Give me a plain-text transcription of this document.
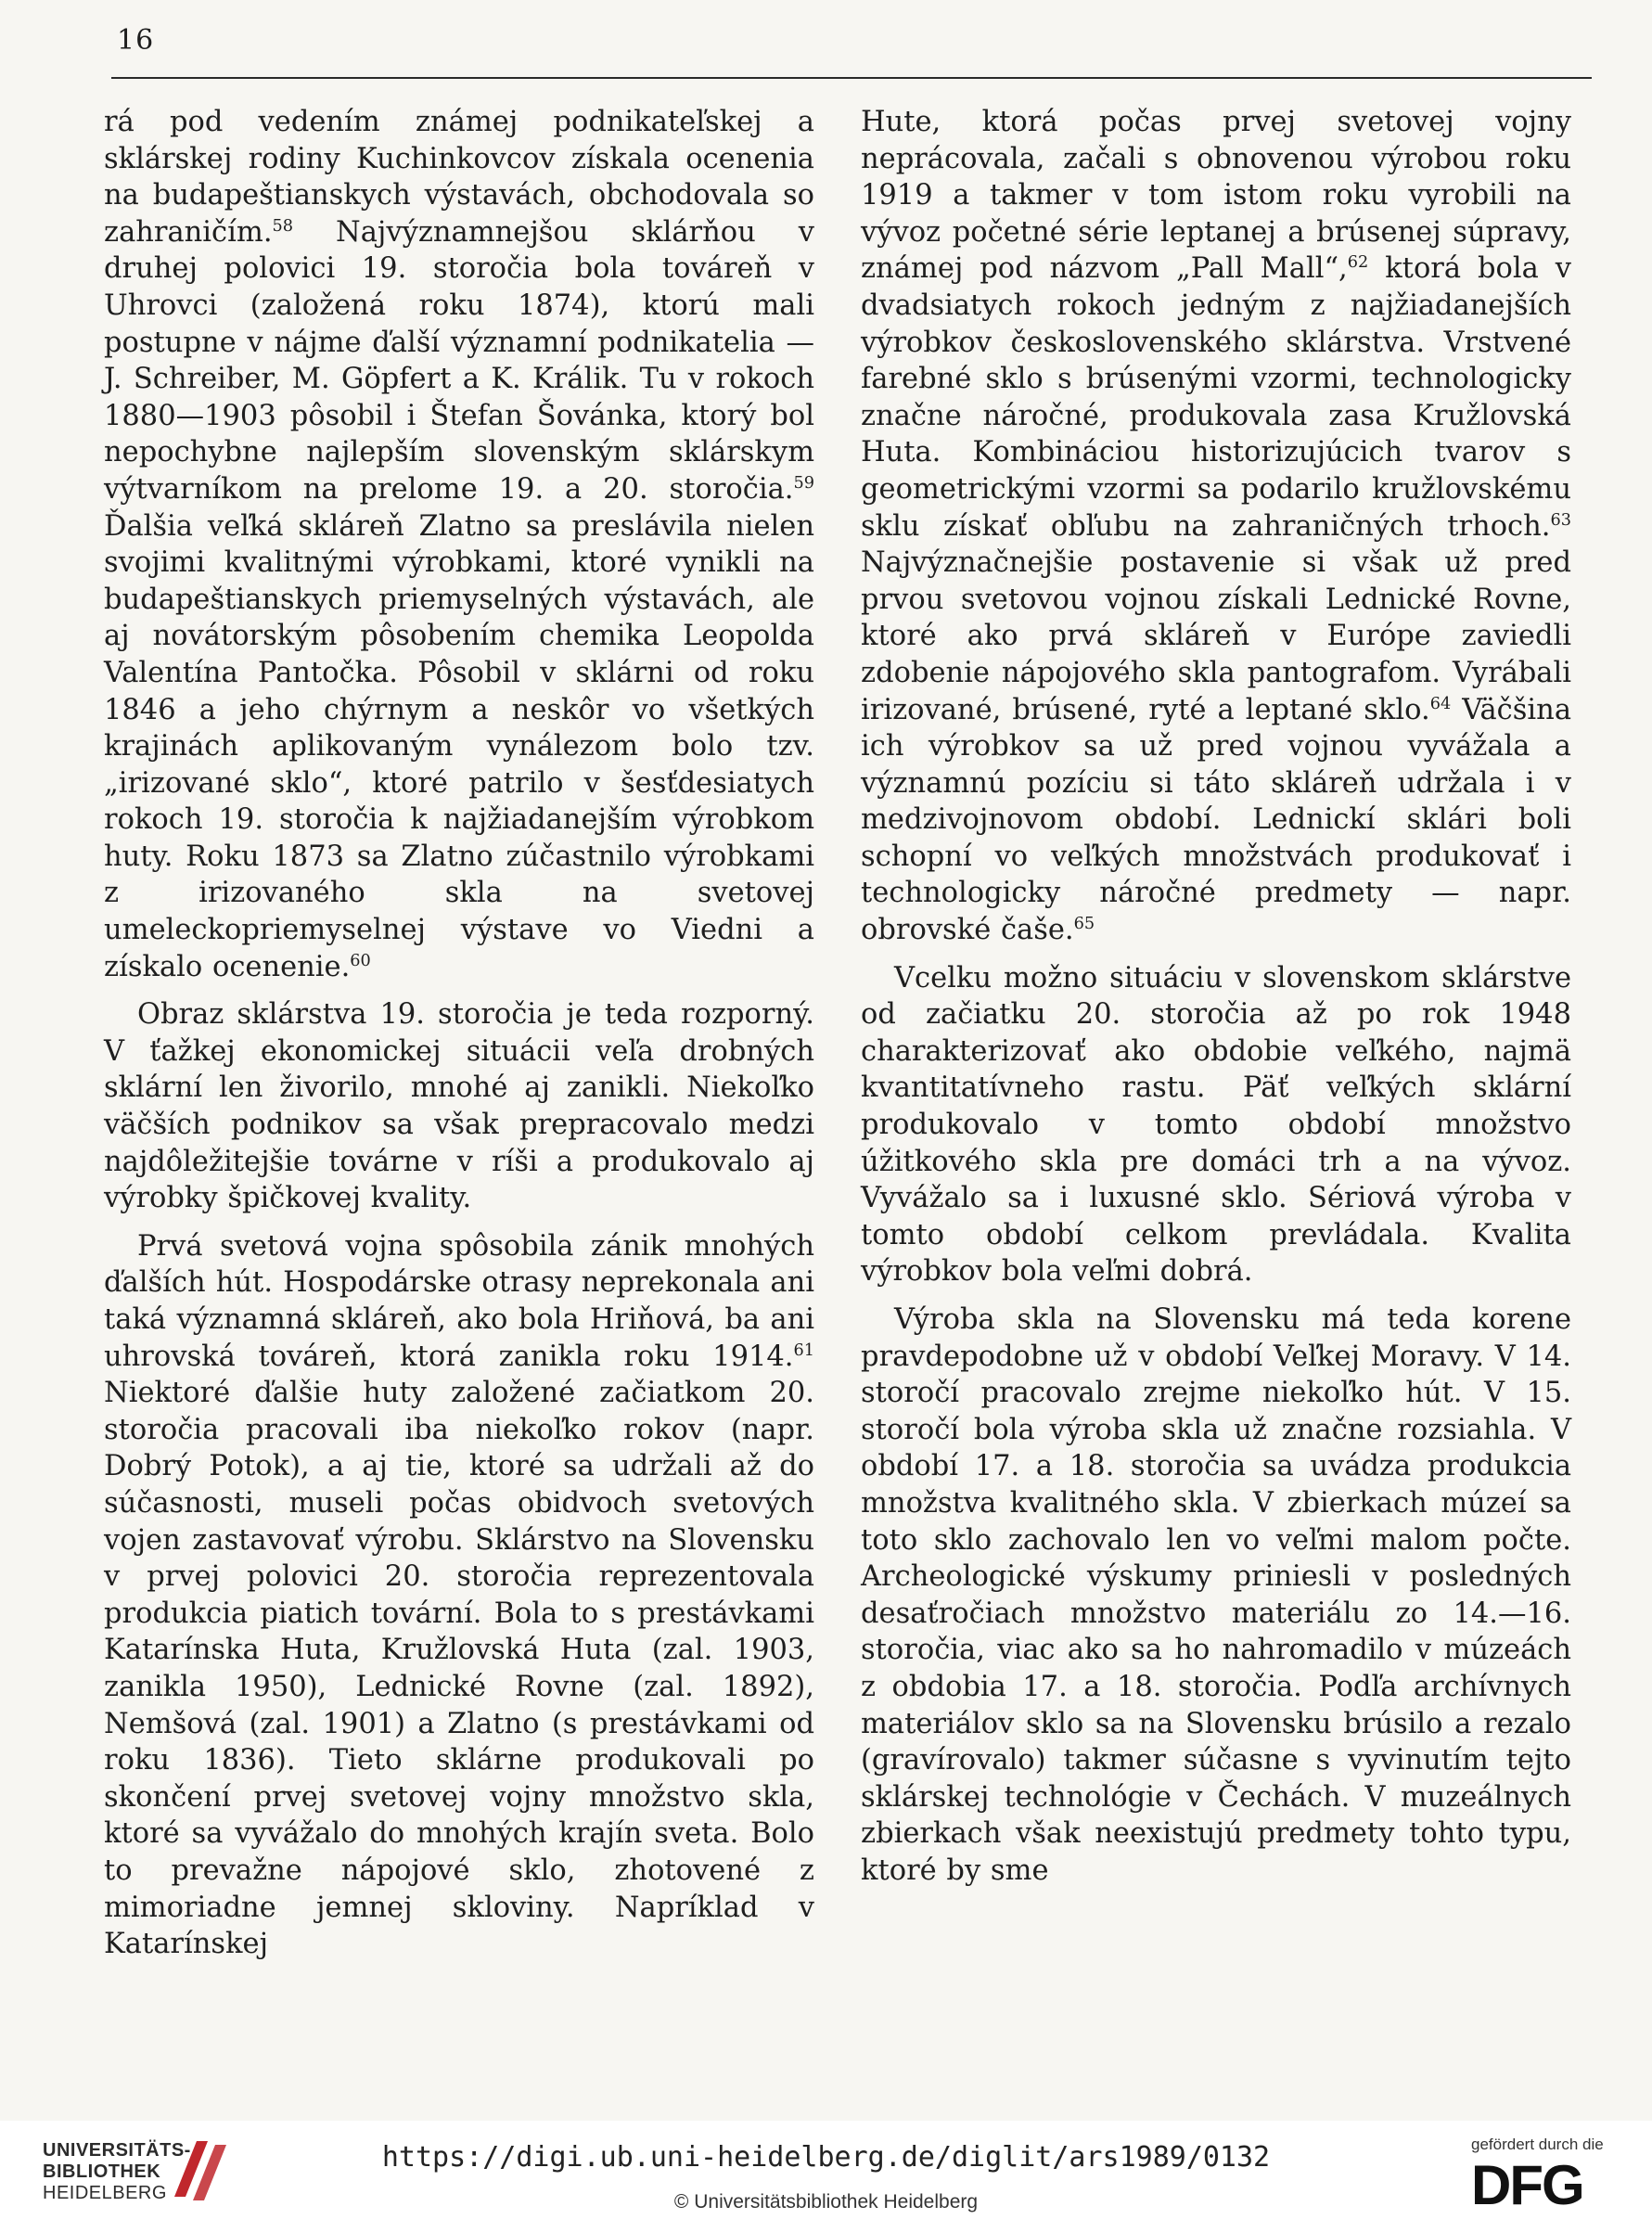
16

rá pod vedením známej podnikateľskej a sklárskej rodiny Kuchinkovcov získala ocenenia na budapeštianskych výstavách, obchodovala so zahraničím.$^{58}$ Najvýznamnejšou sklárňou v druhej polovici 19. storočia bola továreň v Uhrovci (založená roku 1874), ktorú mali postupne v nájme ďalší významní podnikatelia — J. Schreiber, M. Göpfert a K. Králik. Tu v rokoch 1880—1903 pôsobil i Štefan Šovánka, ktorý bol nepochybne najlepším slovenským sklárskym výtvarníkom na prelome 19. a 20. storočia.$^{59}$ Ďalšia veľká skláreň Zlatno sa preslávila nielen svojimi kvalitnými výrobkami, ktoré vynikli na budapeštianskych priemyselných výstavách, ale aj novátorským pôsobením chemika Leopolda Valentína Pantočka. Pôsobil v sklárni od roku 1846 a jeho chýrnym a neskôr vo všetkých krajinách aplikovaným vynálezom bolo tzv. „irizované sklo“, ktoré patrilo v šesťdesiatych rokoch 19. storočia k najžiadanejším výrobkom huty. Roku 1873 sa Zlatno zúčastnilo výrobkami z irizovaného skla na svetovej umeleckopriemyselnej výstave vo Viedni a získalo ocenenie.$^{60}$

Obraz sklárstva 19. storočia je teda rozporný. V ťažkej ekonomickej situácii veľa drobných sklární len živorilo, mnohé aj zanikli. Niekoľko väčších podnikov sa však prepracovalo medzi najdôležitejšie továrne v ríši a produkovalo aj výrobky špičkovej kvality.

Prvá svetová vojna spôsobila zánik mnohých ďalších hút. Hospodárske otrasy neprekonala ani taká významná skláreň, ako bola Hriňová, ba ani uhrovská továreň, ktorá zanikla roku 1914.61 Niektoré ďalšie huty založené začiatkom 20. storočia pracovali iba niekoľko rokov (napr. Dobrý Potok), a aj tie, ktoré sa udržali až do súčasnosti, museli počas obidvoch svetových vojen zastavovať výrobu. Sklárstvo na Slovensku v prvej polovici 20. storočia reprezentovala produkcia piatich tovární. Bola to s prestávkami Katarínska Huta, Kružlovská Huta (zal. 1903, zanikla 1950), Lednické Rovne (zal. 1892), Nemšová (zal. 1901) a Zlatno (s prestávkami od roku 1836). Tieto sklárne produkovali po skončení prvej svetovej vojny množstvo skla, ktoré sa vyvážalo do mnohých krajín sveta. Bolo to prevažne nápojové sklo, zhotovené z mimoriadne jemnej skloviny. Napríklad v Katarínskej

Hute, ktorá počas prvej svetovej vojny neprácovala, začali s obnovenou výrobou roku 1919 a takmer v tom istom roku vyrobili na vývoz početné série leptanej a brúsenej súpravy, známej pod názvom „Pall Mall“,$^{62}$ ktorá bola v dvadsiatych rokoch jedným z najžiadanejších výrobkov československého sklárstva. Vrstvené farebné sklo s brúsenými vzormi, technologicky značne náročné, produkovala zasa Kružlovská Huta. Kombináciou historizujúcich tvarov s geometrickými vzormi sa podarilo kružlovskému sklu získať obľubu na zahraničných trhoch.$^{63}$ Najvýznačnejšie postavenie si však už pred prvou svetovou vojnou získali Lednické Rovne, ktoré ako prvá skláreň v Európe zaviedli zdobenie nápojového skla pantografom. Vyrábali irizované, brúsené, ryté a leptané sklo.$^{64}$ Väčšina ich výrobkov sa už pred vojnou vyvážala a významnú pozíciu si táto skláreň udržala i v medzivojnovom období. Lednickí sklári boli schopní vo veľkých množstvách produkovať i technologicky náročné predmety — napr. obrovské čaše.$^{65}$

Vcelku možno situáciu v slovenskom sklárstve od začiatku 20. storočia až po rok 1948 charakterizovať ako obdobie veľkého, najmä kvantitatívneho rastu. Päť veľkých sklární produkovalo v tomto období množstvo úžitkového skla pre domáci trh a na vývoz. Vyvážalo sa i luxusné sklo. Sériová výroba v tomto období celkom prevládala. Kvalita výrobkov bola veľmi dobrá.

Výroba skla na Slovensku má teda korene pravdepodobne už v období Veľkej Moravy. V 14. storočí pracovalo zrejme niekoľko hút. V 15. storočí bola výroba skla už značne rozsiahla. V období 17. a 18. storočia sa uvádza produkcia množstva kvalitného skla. V zbierkach múzeí sa toto sklo zachovalo len vo veľmi malom počte. Archeologické výskumy priniesli v posledných desaťročiach množstvo materiálu zo 14.—16. storočia, viac ako sa ho nahromadilo v múzeách z obdobia 17. a 18. storočia. Podľa archívnych materiálov sklo sa na Slovensku brúsilo a rezalo (gravírovalo) takmer súčasne s vyvinutím tejto sklárskej technológie v Čechách. V muzeálnych zbierkach však neexistujú predmety tohto typu, ktoré by sme

UNIVERSITÄTS-
BIBLIOTHEK
HEIDELBERG
https://digi.ub.uni-heidelberg.de/diglit/ars1989/0132
© Universitätsbibliothek Heidelberg
gefördert durch die
DFG
